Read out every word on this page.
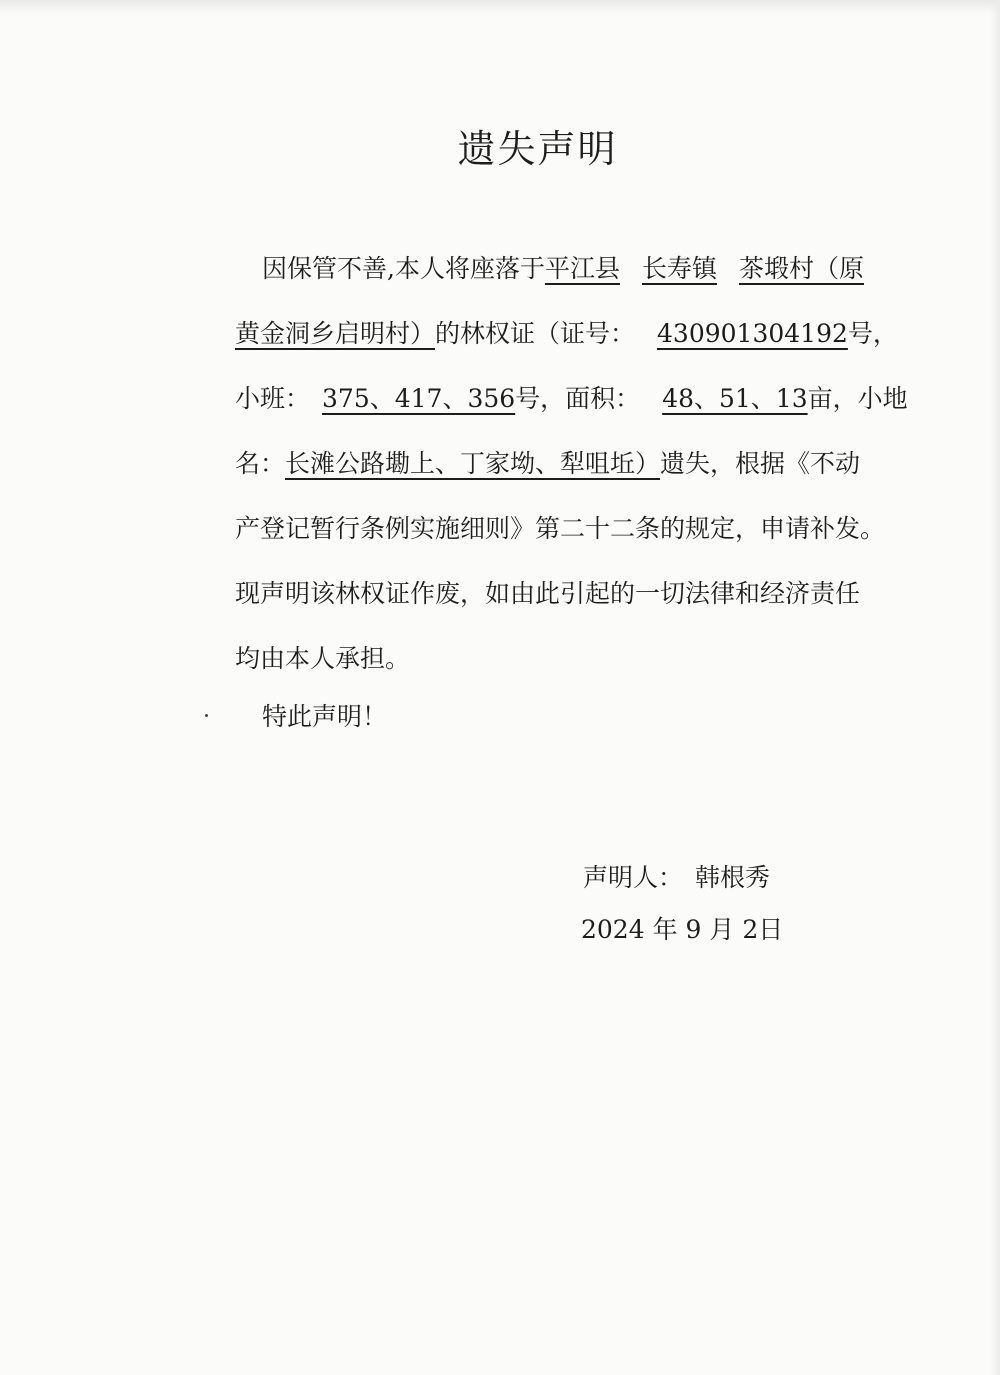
遗失声明
因保管不善,本人将座落于平江县 长寿镇 茶塅村（原
黄金洞乡启明村）的林权证（证号： 430901304192号，
小班： 375、417、356号，面积： 48、51、13亩，小地
名：长滩公路墈上、丁家坳、犁咀坵）遗失，根据《不动
产登记暂行条例实施细则》第二十二条的规定，申请补发。
现声明该林权证作废，如由此引起的一切法律和经济责任
均由本人承担。
特此声明！
声明人： 韩根秀
2024 年 9 月 2日
